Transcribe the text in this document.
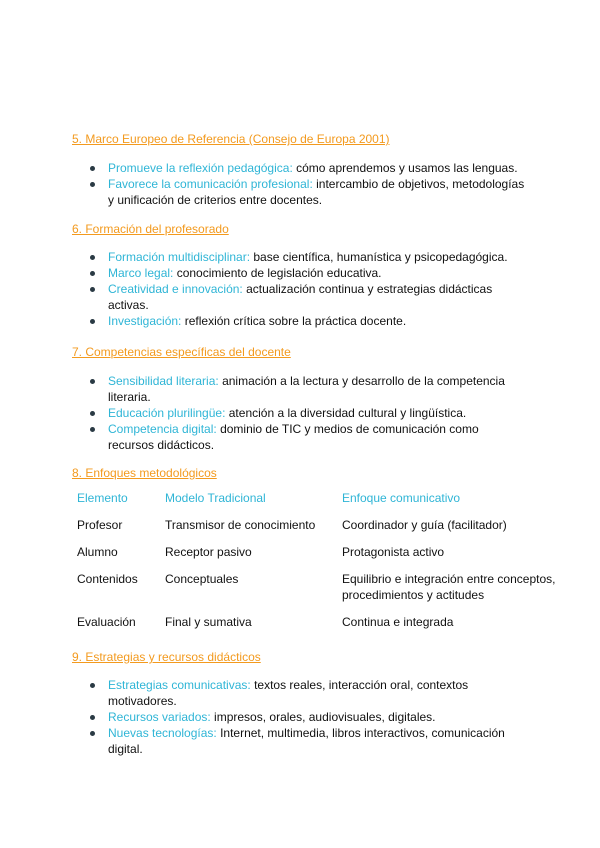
5. Marco Europeo de Referencia (Consejo de Europa 2001)
Promueve la reflexión pedagógica: cómo aprendemos y usamos las lenguas.
Favorece la comunicación profesional: intercambio de objetivos, metodologías y unificación de criterios entre docentes.
6. Formación del profesorado
Formación multidisciplinar: base científica, humanística y psicopedagógica.
Marco legal: conocimiento de legislación educativa.
Creatividad e innovación: actualización continua y estrategias didácticas activas.
Investigación: reflexión crítica sobre la práctica docente.
7. Competencias específicas del docente
Sensibilidad literaria: animación a la lectura y desarrollo de la competencia literaria.
Educación plurilingüe: atención a la diversidad cultural y lingüística.
Competencia digital: dominio de TIC y medios de comunicación como recursos didácticos.
8. Enfoques metodológicos
Elemento	Modelo Tradicional	Enfoque comunicativo
Profesor	Transmisor de conocimiento	Coordinador y guía (facilitador)
Alumno	Receptor pasivo	Protagonista activo
Contenidos	Conceptuales	Equilibrio e integración entre conceptos, procedimientos y actitudes
Evaluación	Final y sumativa	Continua e integrada
9. Estrategias y recursos didácticos
Estrategias comunicativas: textos reales, interacción oral, contextos motivadores.
Recursos variados: impresos, orales, audiovisuales, digitales.
Nuevas tecnologías: Internet, multimedia, libros interactivos, comunicación digital.
